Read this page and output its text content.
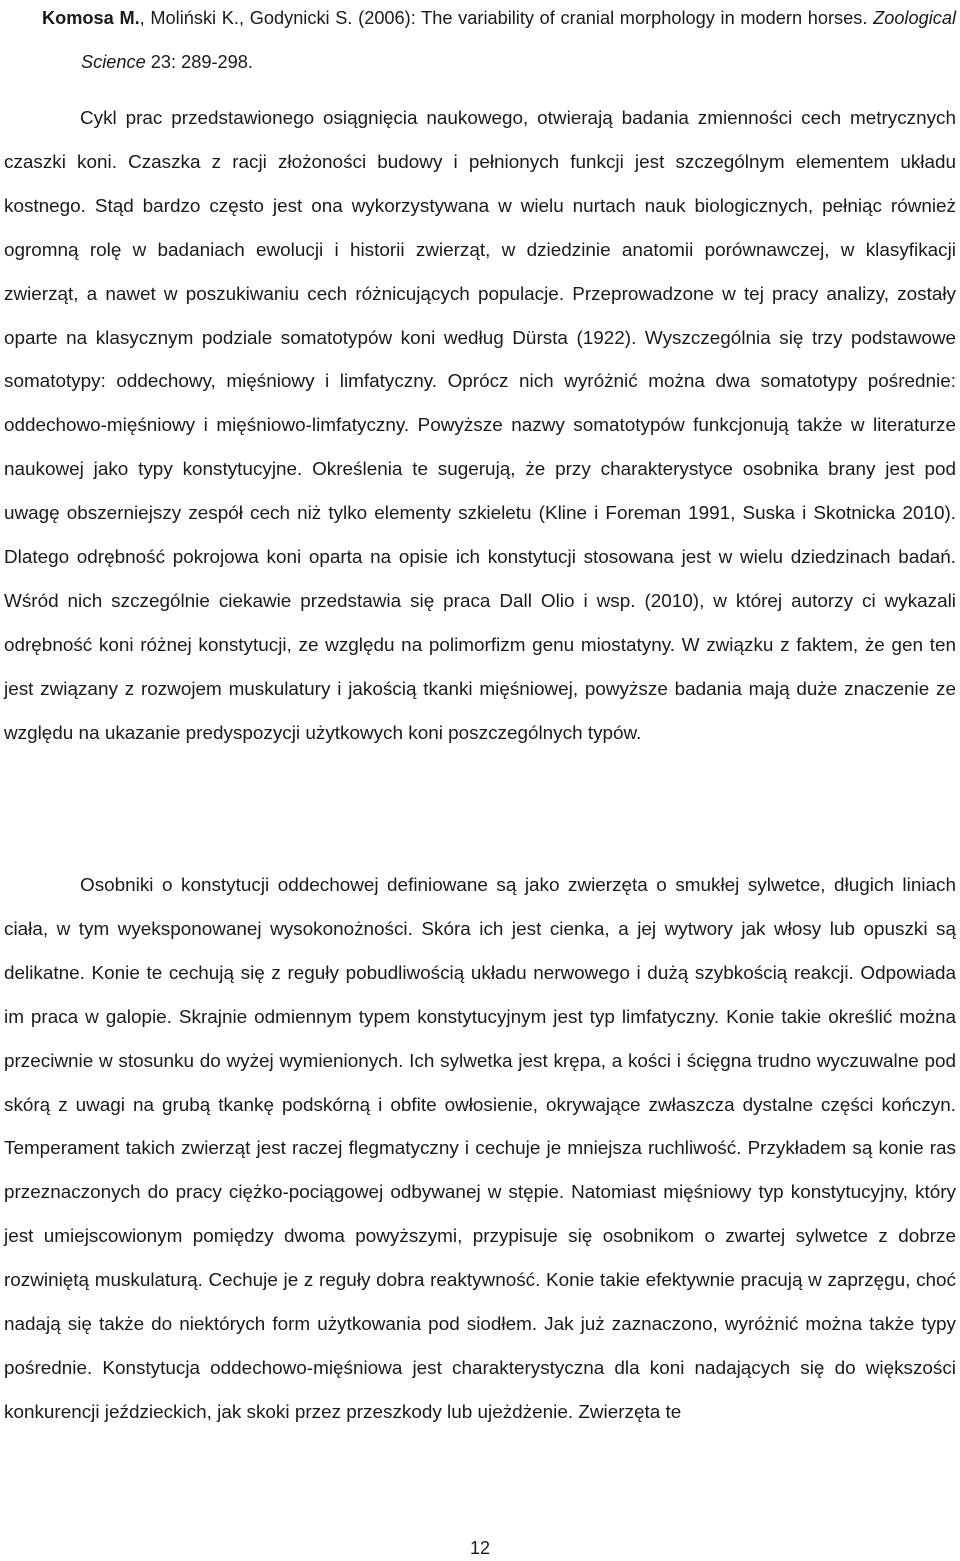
Komosa M., Moliński K., Godynicki S. (2006): The variability of cranial morphology in modern horses. Zoological Science 23: 289-298.

Cykl prac przedstawionego osiągnięcia naukowego, otwierają badania zmienności cech metrycznych czaszki koni. Czaszka z racji złożoności budowy i pełnionych funkcji jest szczególnym elementem układu kostnego. Stąd bardzo często jest ona wykorzystywana w wielu nurtach nauk biologicznych, pełniąc również ogromną rolę w badaniach ewolucji i historii zwierząt, w dziedzinie anatomii porównawczej, w klasyfikacji zwierząt, a nawet w poszukiwaniu cech różnicujących populacje. Przeprowadzone w tej pracy analizy, zostały oparte na klasycznym podziale somatotypów koni według Dürsta (1922). Wyszczególnia się trzy podstawowe somatotypy: oddechowy, mięśniowy i limfatyczny. Oprócz nich wyróżnić można dwa somatotypy pośrednie: oddechowo-mięśniowy i mięśniowo-limfatyczny. Powyższe nazwy somatotypów funkcjonują także w literaturze naukowej jako typy konstytucyjne. Określenia te sugerują, że przy charakterystyce osobnika brany jest pod uwagę obszerniejszy zespół cech niż tylko elementy szkieletu (Kline i Foreman 1991, Suska i Skotnicka 2010). Dlatego odrębność pokrojowa koni oparta na opisie ich konstytucji stosowana jest w wielu dziedzinach badań. Wśród nich szczególnie ciekawie przedstawia się praca Dall Olio i wsp. (2010), w której autorzy ci wykazali odrębność koni różnej konstytucji, ze względu na polimorfizm genu miostatyny. W związku z faktem, że gen ten jest związany z rozwojem muskulatury i jakością tkanki mięśniowej, powyższe badania mają duże znaczenie ze względu na ukazanie predyspozycji użytkowych koni poszczególnych typów.

Osobniki o konstytucji oddechowej definiowane są jako zwierzęta o smukłej sylwetce, długich liniach ciała, w tym wyeksponowanej wysokonożności. Skóra ich jest cienka, a jej wytwory jak włosy lub opuszki są delikatne. Konie te cechują się z reguły pobudliwością układu nerwowego i dużą szybkością reakcji. Odpowiada im praca w galopie. Skrajnie odmiennym typem konstytucyjnym jest typ limfatyczny. Konie takie określić można przeciwnie w stosunku do wyżej wymienionych. Ich sylwetka jest krępa, a kości i ścięgna trudno wyczuwalne pod skórą z uwagi na grubą tkankę podskórną i obfite owłosienie, okrywające zwłaszcza dystalne części kończyn. Temperament takich zwierząt jest raczej flegmatyczny i cechuje je mniejsza ruchliwość. Przykładem są konie ras przeznaczonych do pracy ciężko-pociągowej odbywanej w stępie. Natomiast mięśniowy typ konstytucyjny, który jest umiejscowionym pomiędzy dwoma powyższymi, przypisuje się osobnikom o zwartej sylwetce z dobrze rozwiniętą muskulaturą. Cechuje je z reguły dobra reaktywność. Konie takie efektywnie pracują w zaprzęgu, choć nadają się także do niektórych form użytkowania pod siodłem. Jak już zaznaczono, wyróżnić można także typy pośrednie. Konstytucja oddechowo-mięśniowa jest charakterystyczna dla koni nadających się do większości konkurencji jeździeckich, jak skoki przez przeszkody lub ujeżdżenie. Zwierzęta te

12
